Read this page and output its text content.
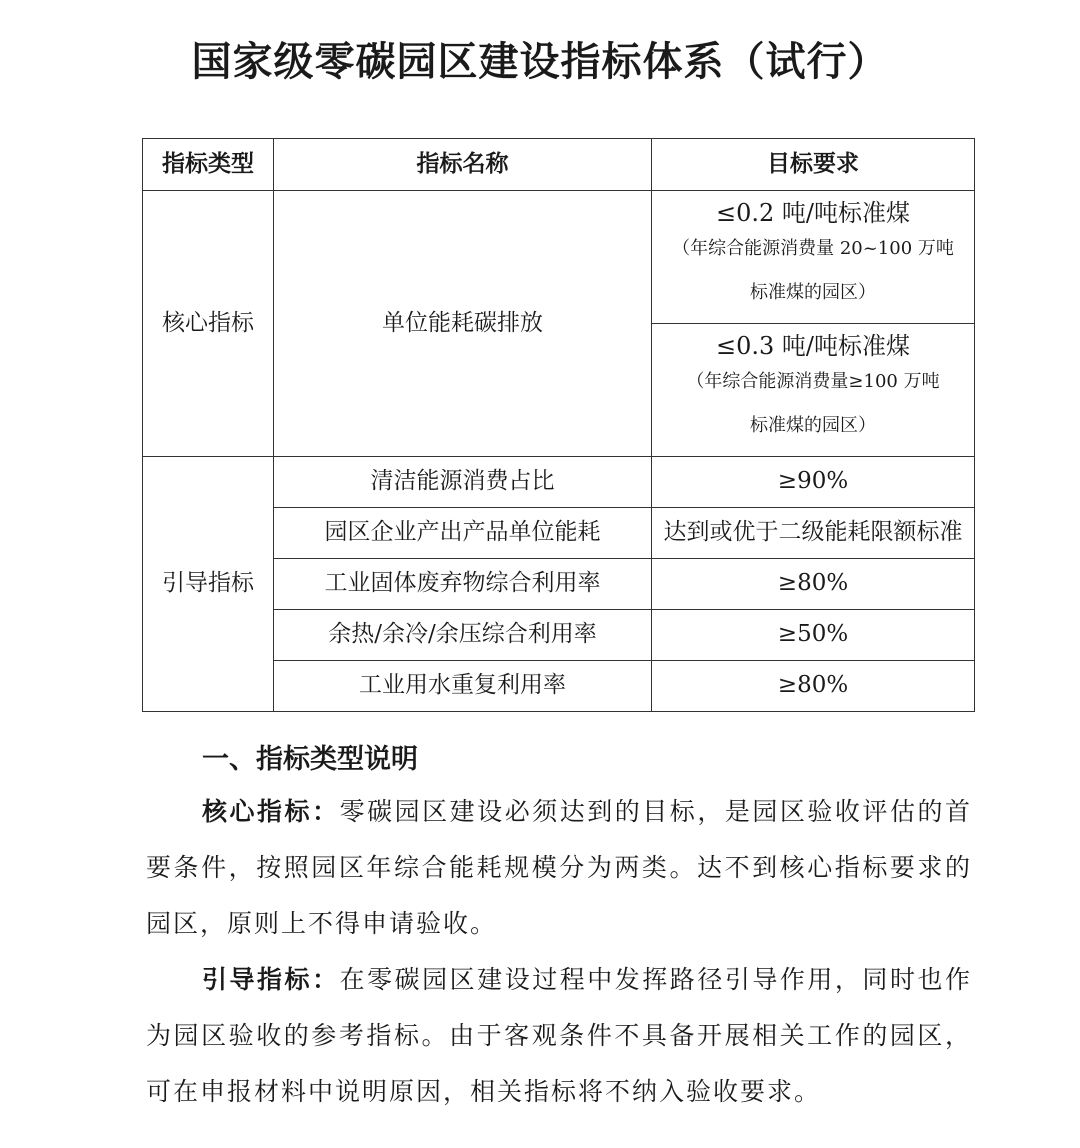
国家级零碳园区建设指标体系（试行）
指标类型	指标名称	目标要求
核心指标	单位能耗碳排放	≤0.2 吨/吨标准煤
（年综合能源消费量 20~100 万吨
标准煤的园区）

		≤0.3 吨/吨标准煤
（年综合能源消费量≥100 万吨
标准煤的园区）

引导指标	清洁能源消费占比	≥90%
	园区企业产出产品单位能耗	达到或优于二级能耗限额标准
	工业固体废弃物综合利用率	≥80%
	余热/余冷/余压综合利用率	≥50%
	工业用水重复利用率	≥80%
一、指标类型说明
核心指标：零碳园区建设必须达到的目标，是园区验收评估的首要条件，按照园区年综合能耗规模分为两类。达不到核心指标要求的园区，原则上不得申请验收。
引导指标：在零碳园区建设过程中发挥路径引导作用，同时也作为园区验收的参考指标。由于客观条件不具备开展相关工作的园区，可在申报材料中说明原因，相关指标将不纳入验收要求。
